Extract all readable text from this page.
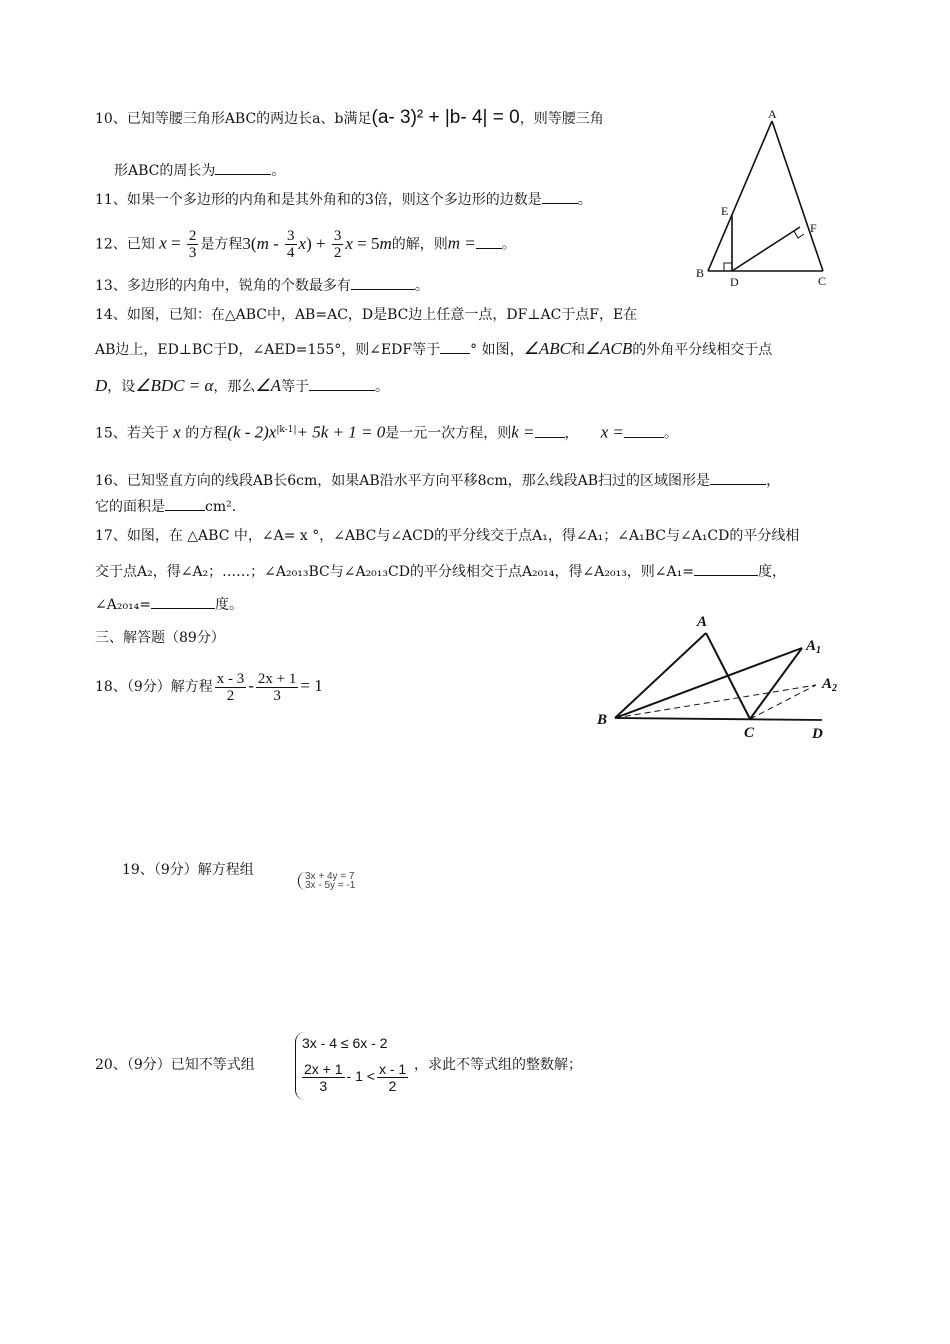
10、已知等腰三角形ABC的两边长a、b满足(a- 3)² + |b- 4| = 0，则等腰三角
形ABC的周长为	。
11、如果一个多边形的内角和是其外角和的3倍，则这个多边形的边数是	。
12、已知 $x = \frac{2}{3}$ 是方程$3(m - \frac{3}{4} x) + \frac{3}{2}$ x = 5m的解，则m = 。
13、多边形的内角中，锐角的个数最多有	。
14、如图，已知：在△ABC中，AB=AC，D是BC边上任意一点，DF⊥AC于点F，E在
AB边上，ED⊥BC于D，∠AED=155°，则∠EDF等于 ° 如图，∠ABC和∠ACB的外角平分线相交于点
D，设∠BDC = α，那么∠A等于	。
15、若关于 x 的方程$(k - 2)x^{|k-1|}+ 5k + 1 = 0$是一元一次方程，则k = ， x =	。
16、已知竖直方向的线段AB长6cm，如果AB沿水平方向平移8cm，那么线段AB扫过的区域图形是	，
它的面积是	cm².
17、如图，在 △ABC 中，∠A= x °，∠ABC与∠ACD的平分线交于点A₁，得∠A₁；∠A₁BC与∠A₁CD的平分线相
交于点A₂，得∠A₂；……；∠A₂₀₁₃BC与∠A₂₀₁₃CD的平分线相交于点A₂₀₁₄，得∠A₂₀₁₃，则∠A₁=	度，
∠A₂₀₁₄=	度。
三、解答题（89分）
18、（9分）解方程 $\frac{x - 3}{2} - \frac{2x + 1}{3} = 1$
19、（9分）解方程组	3x + 4y = 7
3x - 5y = -1
20、（9分）已知不等式组
3x - 4 ≤ 6x - 2
$\frac{2x + 1}{3} - 1 < \frac{x - 1}{2}$ ，求此不等式组的整数解；
A
B
C
D
E
F
A
$A_1$
$A_2$
B
C	D
